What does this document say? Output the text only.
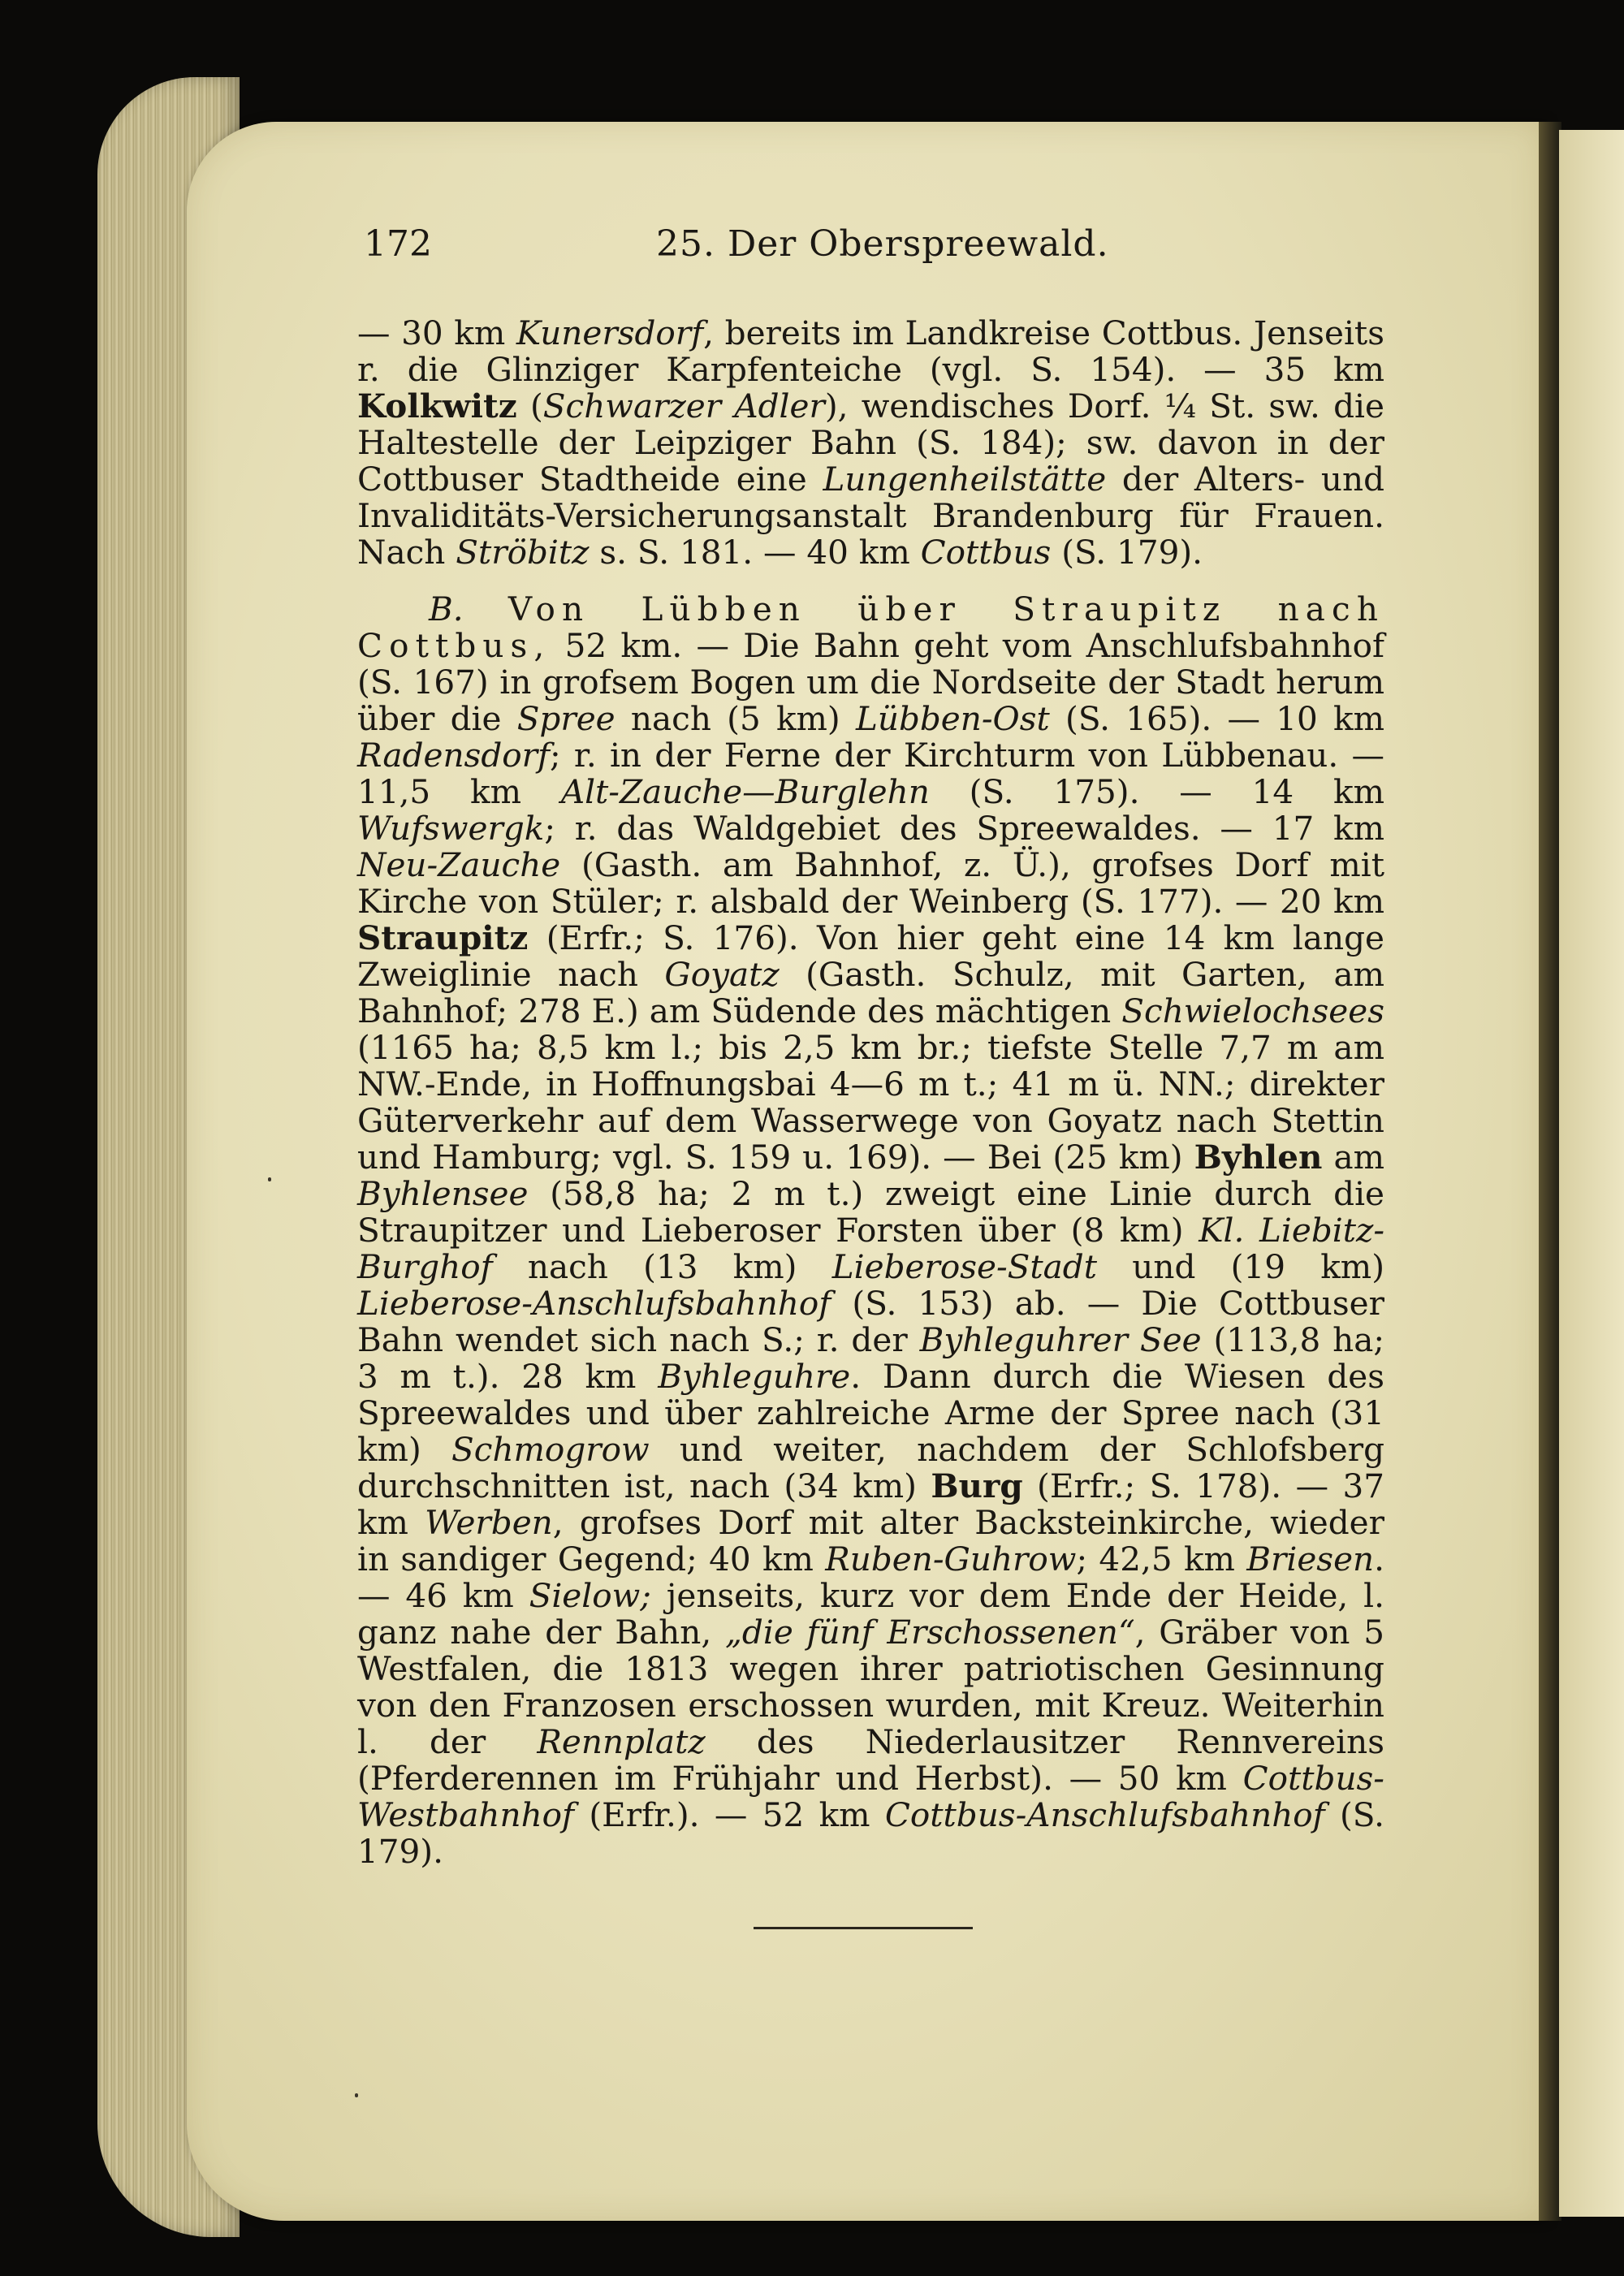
172	25. Der Oberspreewald.

— 30 km Kunersdorf, bereits im Landkreise Cottbus. Jenseits r. die Glinziger Karpfenteiche (vgl. S. 154). — 35 km Kolkwitz (Schwarzer Adler), wendisches Dorf. ¼ St. sw. die Haltestelle der Leipziger Bahn (S. 184); sw. davon in der Cottbuser Stadtheide eine Lungenheilstätte der Alters- und Invaliditäts-Versicherungsanstalt Brandenburg für Frauen. Nach Ströbitz s. S. 181. — 40 km Cottbus (S. 179).

B. Von Lübben über Straupitz nach Cottbus, 52 km. — Die Bahn geht vom Anschlufsbahnhof (S. 167) in grofsem Bogen um die Nordseite der Stadt herum über die Spree nach (5 km) Lübben-Ost (S. 165). — 10 km Radensdorf; r. in der Ferne der Kirchturm von Lübbenau. — 11,5 km Alt-Zauche—Burglehn (S. 175). — 14 km Wufswergk; r. das Waldgebiet des Spreewaldes. — 17 km Neu-Zauche (Gasth. am Bahnhof, z. Ü.), grofses Dorf mit Kirche von Stüler; r. alsbald der Weinberg (S. 177). — 20 km Straupitz (Erfr.; S. 176). Von hier geht eine 14 km lange Zweiglinie nach Goyatz (Gasth. Schulz, mit Garten, am Bahnhof; 278 E.) am Südende des mächtigen Schwielochsees (1165 ha; 8,5 km l.; bis 2,5 km br.; tiefste Stelle 7,7 m am NW.-Ende, in Hoffnungsbai 4—6 m t.; 41 m ü. NN.; direkter Güterverkehr auf dem Wasserwege von Goyatz nach Stettin und Hamburg; vgl. S. 159 u. 169). — Bei (25 km) Byhlen am Byhlensee (58,8 ha; 2 m t.) zweigt eine Linie durch die Straupitzer und Lieberoser Forsten über (8 km) Kl. Liebitz-Burghof nach (13 km) Lieberose-Stadt und (19 km) Lieberose-Anschlufsbahnhof (S. 153) ab. — Die Cottbuser Bahn wendet sich nach S.; r. der Byhleguhrer See (113,8 ha; 3 m t.). 28 km Byhleguhre. Dann durch die Wiesen des Spreewaldes und über zahlreiche Arme der Spree nach (31 km) Schmogrow und weiter, nachdem der Schlofsberg durchschnitten ist, nach (34 km) Burg (Erfr.; S. 178). — 37 km Werben, grofses Dorf mit alter Backsteinkirche, wieder in sandiger Gegend; 40 km Ruben-Guhrow; 42,5 km Briesen. — 46 km Sielow; jenseits, kurz vor dem Ende der Heide, l. ganz nahe der Bahn, „die fünf Erschossenen“, Gräber von 5 Westfalen, die 1813 wegen ihrer patriotischen Gesinnung von den Franzosen erschossen wurden, mit Kreuz. Weiterhin l. der Rennplatz des Niederlausitzer Rennvereins (Pferderennen im Frühjahr und Herbst). — 50 km Cottbus-Westbahnhof (Erfr.). — 52 km Cottbus-Anschlufsbahnhof (S. 179).
